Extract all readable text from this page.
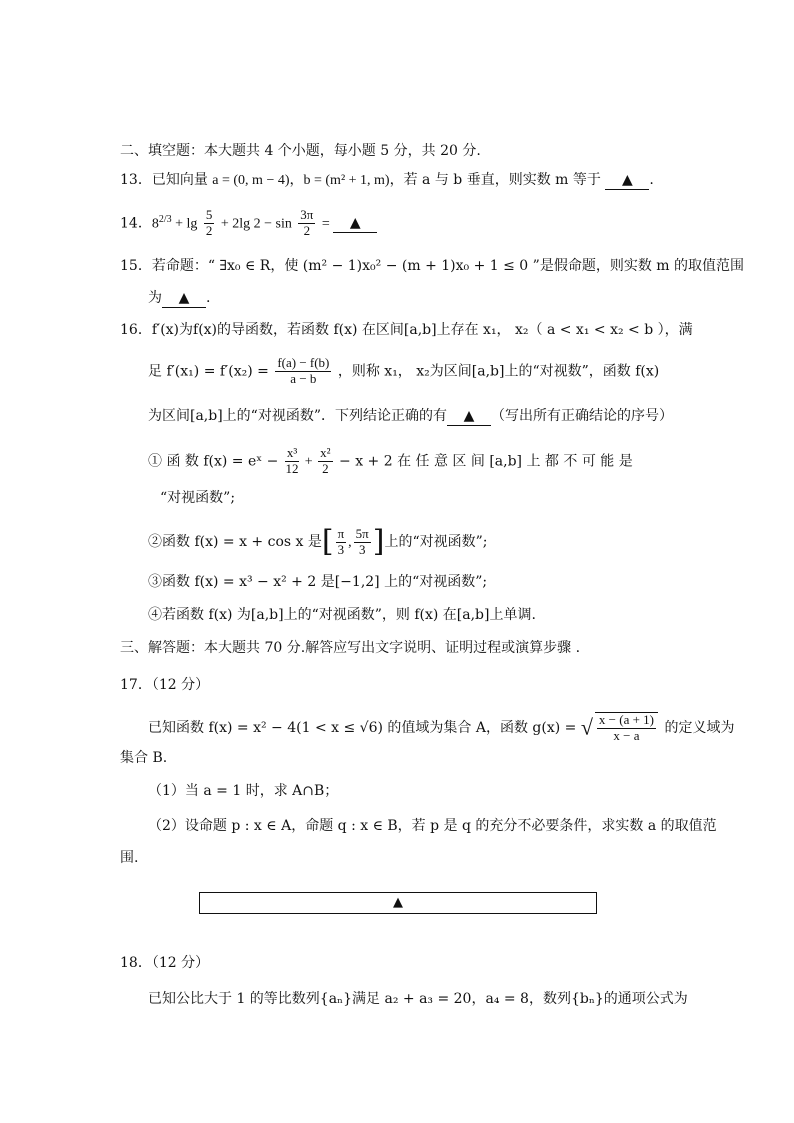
二、填空题：本大题共 4 个小题，每小题 5 分，共 20 分.
13．已知向量 a = (0, m − 4)，b = (m² + 1, m)，若 a 与 b 垂直，则实数 m 等于 ▲ .
14．$8^{2/3} + \lg \frac{5}{2} + 2\lg$ $2 - \sin \frac{3\pi}{2}$ = ▲
15．若命题：“ ∃x₀ ∈ R，使 (m² − 1)x₀² − (m + 1)x₀ + 1 ≤ 0 ”是假命题，则实数 m 的取值范围
为 ▲ .
16．f′(x)为f(x)的导函数，若函数 f(x) 在区间[a,b]上存在 x₁， x₂（ a < x₁ < x₂ < b ），满
足 $f'(x_1) = f'(x_2) = \frac{f(a) - f(b)}{a - b}$ ，则称 x₁， x₂为区间[a,b]上的“对视数”，函数 f(x)
为区间[a,b]上的“对视函数”．下列结论正确的有 ▲ （写出所有正确结论的序号）
① 函 数 f(x) = eˣ − $\frac{\text{x³}}{12} + \frac{\text{x²}}{2} - x + 2$ 在 任 意 区 间 [a,b] 上 都 不 可 能 是
“对视函数”;
②函数 f(x) = x + cos x 是[ $\frac{\pi}{3}$ , $\frac{5\pi}{3}$ ]上的“对视函数”;
③函数 f(x) = x³ − x² + 2 是[−1,2] 上的“对视函数”;
④若函数 f(x) 为[a,b]上的“对视函数”，则 f(x) 在[a,b]上单调.
三、解答题：本大题共 70 分.解答应写出文字说明、证明过程或演算步骤 .
17．（12 分）
已知函数 f(x) = x² − 4(1 < x ≤ √6) 的值域为集合 A，函数 g(x) = √ $\frac{x - (a + 1)}{x - a}$ 的定义域为
集合 B.
（1）当 a = 1 时，求 A∩B；
（2）设命题 p : x ∈ A，命题 q : x ∈ B，若 p 是 q 的充分不必要条件，求实数 a 的取值范
围.
▲
18．（12 分）
已知公比大于 1 的等比数列{aₙ}满足 a₂ + a₃ = 20，a₄ = 8，数列{bₙ}的通项公式为
